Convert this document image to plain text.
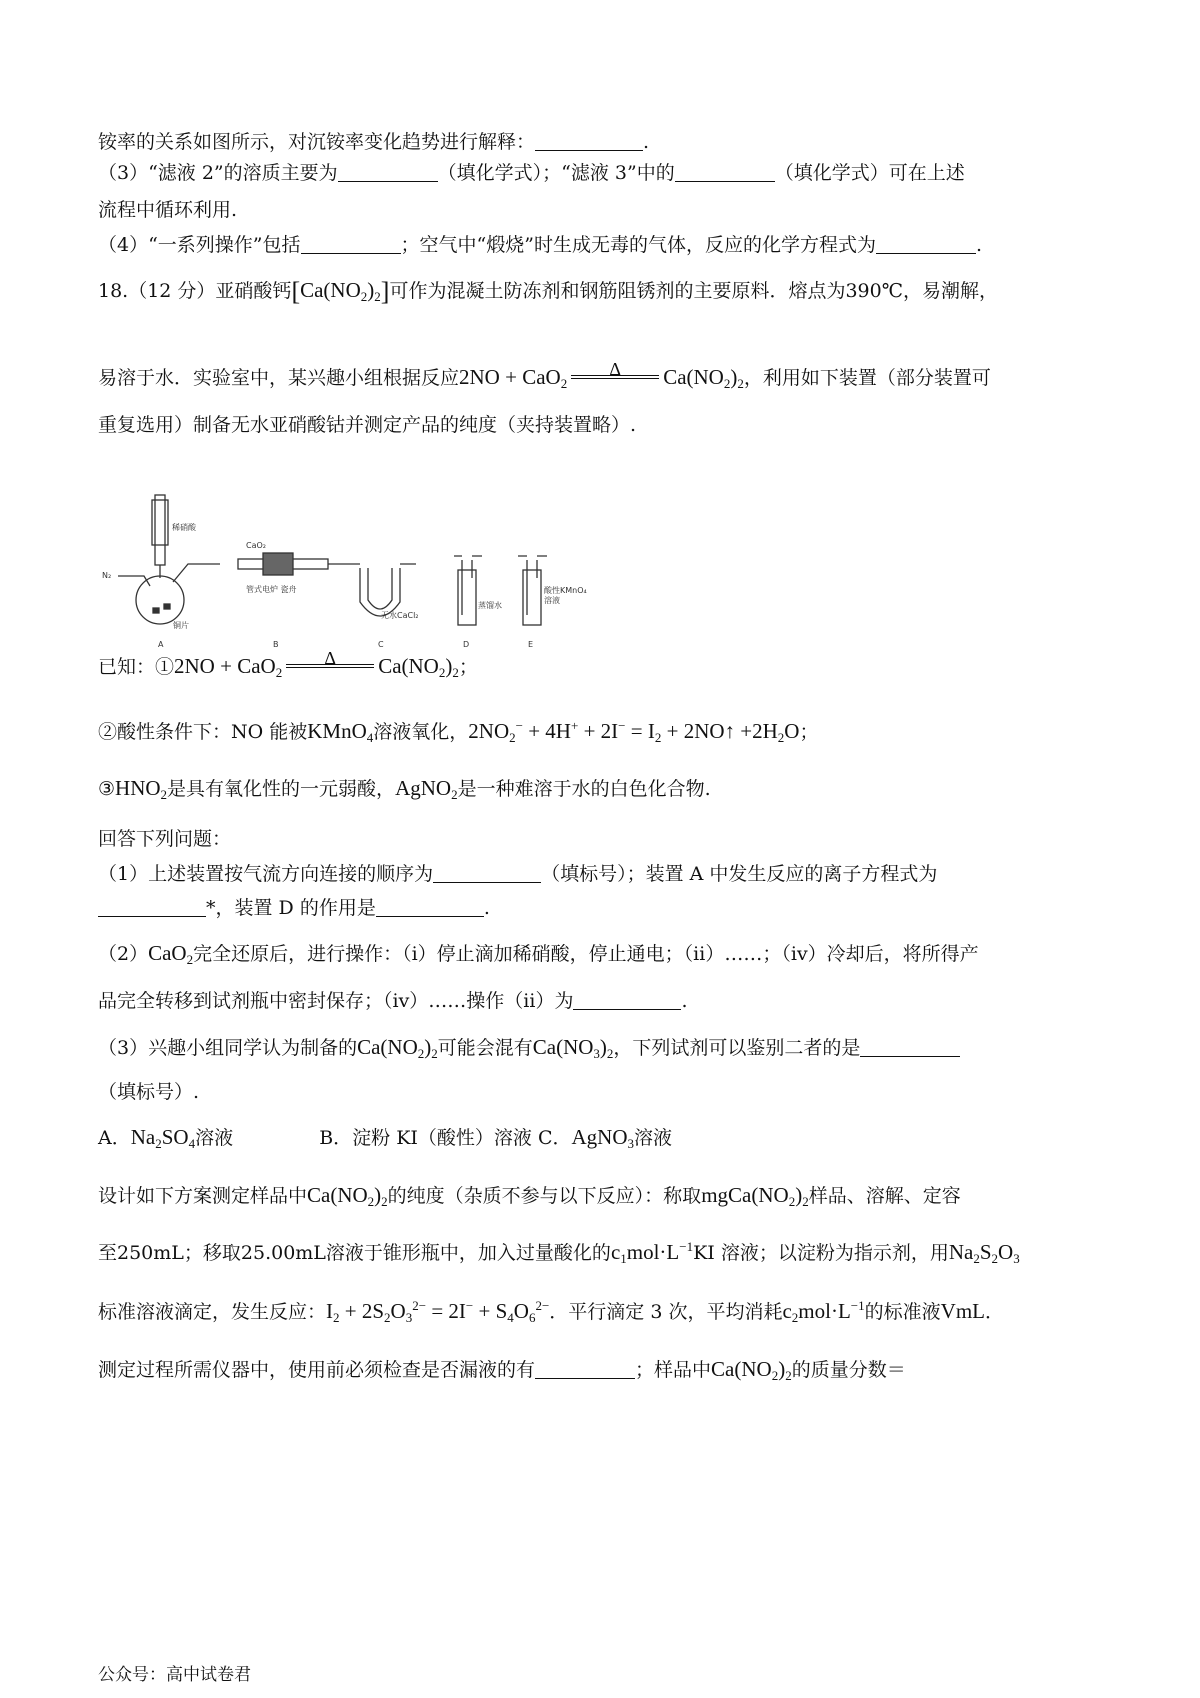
铵率的关系如图所示，对沉铵率变化趋势进行解释：	.
（3）“滤液 2”的溶质主要为	（填化学式）；“滤液 3”中的	（填化学式）可在上述
流程中循环利用.
（4）“一系列操作”包括	；空气中“煅烧”时生成无毒的气体，反应的化学方程式为	.
18.（12 分）亚硝酸钙$[Ca(NO_2)_2]$可作为混凝土防冻剂和钢筋阻锈剂的主要原料．熔点为390℃，易潮解，
易溶于水．实验室中，某兴趣小组根据反应2NO + CaO$_2$
Δ	$Ca(NO_2)_2$，利用如下装置（部分装置可
重复选用）制备无水亚硝酸钴并测定产品的纯度（夹持装置略）.
稀硝酸
N₂
铜片
A
CaO₂
管式电炉 瓷舟
B
无水CaCl₂
C
蒸馏水
D
酸性KMnO₄
溶液
E
已知：①2NO + CaO$_2$
Δ	$Ca(NO_2)_2$；
②酸性条件下：NO 能被KMnO$_4$溶液氧化，$2NO_2^- + 4H^+ + 2I^- = I_2$ + 2NO↑ $+2H_2O$；
$③HNO_2$是具有氧化性的一元弱酸，AgNO$_2$是一种难溶于水的白色化合物.
回答下列问题：
（1）上述装置按气流方向连接的顺序为	（填标号）；装置 A 中发生反应的离子方程式为
*，装置 D 的作用是	.
（2）CaO$_2$完全还原后，进行操作：（ⅰ）停止滴加稀硝酸，停止通电；（ⅱ）……；（ⅳ）冷却后，将所得产
品完全转移到试剂瓶中密封保存；（ⅳ）……操作（ⅱ）为	.
（3）兴趣小组同学认为制备的$Ca(NO_2)_2$可能会混有$Ca(NO_3)_2$，下列试剂可以鉴别二者的是
（填标号）.
A．$Na_2SO_4$溶液	B．淀粉 KI（酸性）溶液 C．AgNO$_3$溶液
设计如下方案测定样品中$Ca(NO_2)_2$的纯度（杂质不参与以下反应）：称取$mgCa(NO_2)_2$样品、溶解、定容
至250mL；移取25.00mL溶液于锥形瓶中，加入过量酸化的$c_1mol\cdot L^{-1}KI$ 溶液；以淀粉为指示剂，用$Na_2S_2O_3$
标准溶液滴定，发生反应：$I_2 + 2S_2O_3^{2-} = 2I^- + S_4O_6^{2-}$．平行滴定 3 次，平均消耗$c_2mol\cdot L^{-1}$的标准液VmL．
测定过程所需仪器中，使用前必须检查是否漏液的有	；样品中$Ca(NO_2)_2$的质量分数＝
公众号：高中试卷君
